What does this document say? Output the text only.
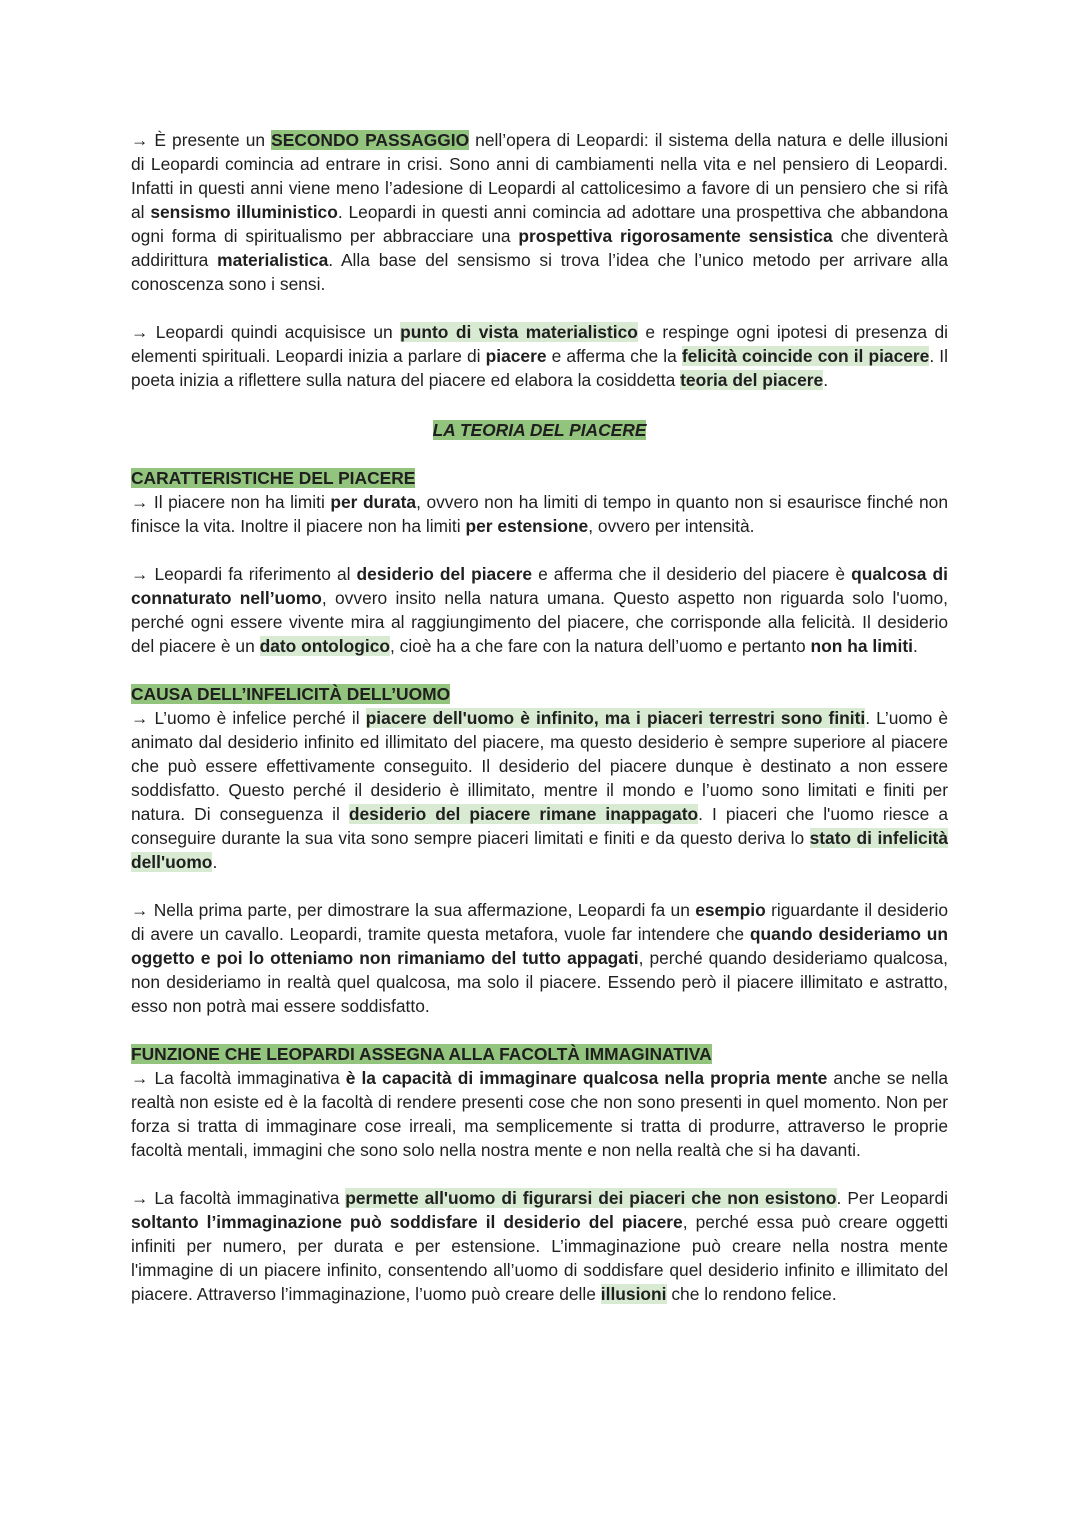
→ È presente un SECONDO PASSAGGIO nell’opera di Leopardi: il sistema della natura e delle illusioni di Leopardi comincia ad entrare in crisi. Sono anni di cambiamenti nella vita e nel pensiero di Leopardi. Infatti in questi anni viene meno l’adesione di Leopardi al cattolicesimo a favore di un pensiero che si rifà al sensismo illuministico. Leopardi in questi anni comincia ad adottare una prospettiva che abbandona ogni forma di spiritualismo per abbracciare una prospettiva rigorosamente sensistica che diventerà addirittura materialistica. Alla base del sensismo si trova l’idea che l’unico metodo per arrivare alla conoscenza sono i sensi.

→ Leopardi quindi acquisisce un punto di vista materialistico e respinge ogni ipotesi di presenza di elementi spirituali. Leopardi inizia a parlare di piacere e afferma che la felicità coincide con il piacere. Il poeta inizia a riflettere sulla natura del piacere ed elabora la cosiddetta teoria del piacere.

LA TEORIA DEL PIACERE

CARATTERISTICHE DEL PIACERE

→ Il piacere non ha limiti per durata, ovvero non ha limiti di tempo in quanto non si esaurisce finché non finisce la vita. Inoltre il piacere non ha limiti per estensione, ovvero per intensità.

→ Leopardi fa riferimento al desiderio del piacere e afferma che il desiderio del piacere è qualcosa di connaturato nell’uomo, ovvero insito nella natura umana. Questo aspetto non riguarda solo l'uomo, perché ogni essere vivente mira al raggiungimento del piacere, che corrisponde alla felicità. Il desiderio del piacere è un dato ontologico, cioè ha a che fare con la natura dell’uomo e pertanto non ha limiti.

CAUSA DELL’INFELICITÀ DELL’UOMO

→ L’uomo è infelice perché il piacere dell'uomo è infinito, ma i piaceri terrestri sono finiti. L’uomo è animato dal desiderio infinito ed illimitato del piacere, ma questo desiderio è sempre superiore al piacere che può essere effettivamente conseguito. Il desiderio del piacere dunque è destinato a non essere soddisfatto. Questo perché il desiderio è illimitato, mentre il mondo e l’uomo sono limitati e finiti per natura. Di conseguenza il desiderio del piacere rimane inappagato. I piaceri che l'uomo riesce a conseguire durante la sua vita sono sempre piaceri limitati e finiti e da questo deriva lo stato di infelicità dell'uomo.

→ Nella prima parte, per dimostrare la sua affermazione, Leopardi fa un esempio riguardante il desiderio di avere un cavallo. Leopardi, tramite questa metafora, vuole far intendere che quando desideriamo un oggetto e poi lo otteniamo non rimaniamo del tutto appagati, perché quando desideriamo qualcosa, non desideriamo in realtà quel qualcosa, ma solo il piacere. Essendo però il piacere illimitato e astratto, esso non potrà mai essere soddisfatto.

FUNZIONE CHE LEOPARDI ASSEGNA ALLA FACOLTÀ IMMAGINATIVA

→ La facoltà immaginativa è la capacità di immaginare qualcosa nella propria mente anche se nella realtà non esiste ed è la facoltà di rendere presenti cose che non sono presenti in quel momento. Non per forza si tratta di immaginare cose irreali, ma semplicemente si tratta di produrre, attraverso le proprie facoltà mentali, immagini che sono solo nella nostra mente e non nella realtà che si ha davanti.

→ La facoltà immaginativa permette all'uomo di figurarsi dei piaceri che non esistono. Per Leopardi soltanto l’immaginazione può soddisfare il desiderio del piacere, perché essa può creare oggetti infiniti per numero, per durata e per estensione. L’immaginazione può creare nella nostra mente l'immagine di un piacere infinito, consentendo all’uomo di soddisfare quel desiderio infinito e illimitato del piacere. Attraverso l’immaginazione, l’uomo può creare delle illusioni che lo rendono felice.
